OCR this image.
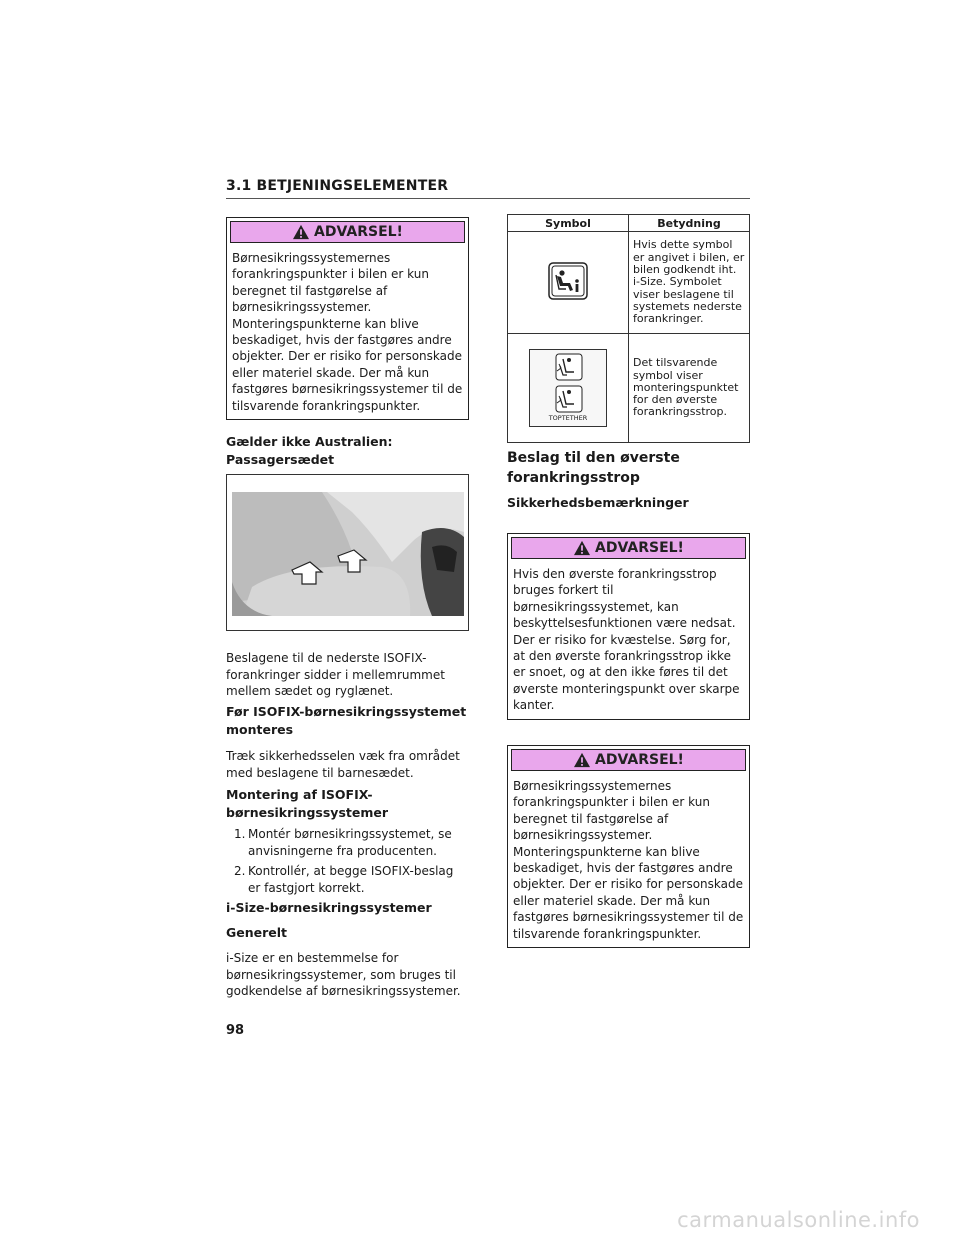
3.1 BETJENINGSELEMENTER
ADVARSEL!
Børnesikringssystemernes forankringspunkter i bilen er kun beregnet til fastgørelse af børnesikringssystemer. Monteringspunkterne kan blive beskadiget, hvis der fastgøres andre objekter. Der er risiko for personskade eller materiel skade. Der må kun fastgøres børnesikringssystemer til de tilsvarende forankringspunkter.
Gælder ikke Australien:
Passagersædet
Beslagene til de nederste ISOFIX-forankringer sidder i mellemrummet mellem sædet og ryglænet.
Før ISOFIX-børnesikringssystemet monteres
Træk sikkerhedsselen væk fra området med beslagene til barnesædet.
Montering af ISOFIX-børnesikringssystemer
1. Montér børnesikringssystemet, se anvisningerne fra producenten.
2. Kontrollér, at begge ISOFIX-beslag er fastgjort korrekt.
i-Size-børnesikringssystemer
Generelt
i-Size er en bestemmelse for børnesikringssystemer, som bruges til godkendelse af børnesikringssystemer.
Symbol	Betydning
	Hvis dette symbol er angivet i bilen, er bilen godkendt iht. i-Size. Symbolet viser beslagene til systemets nederste forankringer.

TOPTETHER	Det tilsvarende symbol viser monteringspunktet for den øverste forankringsstrop.
Beslag til den øverste forankringsstrop
Sikkerhedsbemærkninger
ADVARSEL!
Hvis den øverste forankringsstrop bruges forkert til børnesikringssystemet, kan beskyttelsesfunktionen være nedsat. Der er risiko for kvæstelse. Sørg for, at den øverste forankringsstrop ikke er snoet, og at den ikke føres til det øverste monteringspunkt over skarpe kanter.
ADVARSEL!
Børnesikringssystemernes forankringspunkter i bilen er kun beregnet til fastgørelse af børnesikringssystemer. Monteringspunkterne kan blive beskadiget, hvis der fastgøres andre objekter. Der er risiko for personskade eller materiel skade. Der må kun fastgøres børnesikringssystemer til de tilsvarende forankringspunkter.
98
carmanualsonline.info
